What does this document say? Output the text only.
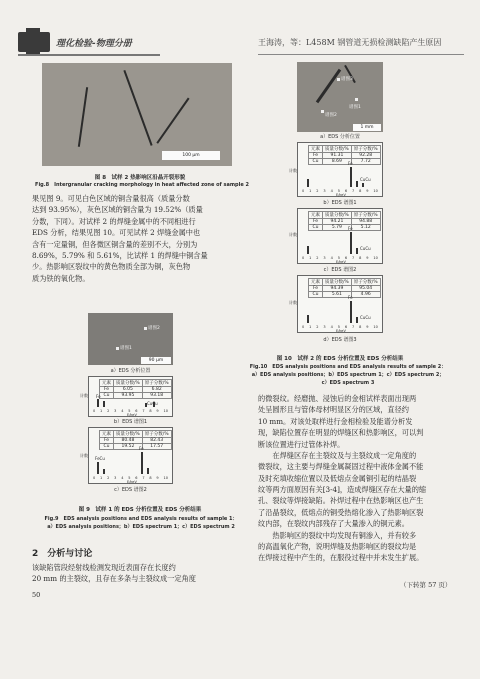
理化检验-物理分册	王海涛，等：L458M 钢管道无损检测缺陷产生原因
100 μm
图 8　试样 2 热影响区沿晶开裂形貌
Fig.8　Intergranular cracking morphology in heat affected zone of sample 2
果见图 9。可见白色区域的铜含量很高（质量分数
达到 93.95%），灰色区域的铜含量为 19.52%（质量
分数，下同）。对试样 2 的焊缝金属中的不同相进行
EDS 分析，结果见图 10。可见试样 2 焊缝金属中也
含有一定量铜，但各微区铜含量的差别不大，分别为
8.69%，5.79% 和 5.61%，比试样 1 的焊缝中铜含量
少。热影响区裂纹中的黄色物质全部为铜，灰色物
质为铁的氧化物。
谱图2
谱图1
90 μm
a）EDS 分析位置
元素	质量分数/%	原子分数/%
Fe	6.05	6.82
Cu	93.95	93.18
Fe
CuCu
0 1 2 3 4 5 6 7 8 9 10
E/keV
计数
b）EDS 谱图1
元素	质量分数/%	原子分数/%
Fe	80.48	82.43
Cu	19.52	17.57
Fe
FeCu
0 1 2 3 4 5 6 7 8 9 10
E/keV
计数
c）EDS 谱图2
图 9　试样 1 的 EDS 分析位置及 EDS 分析结果
Fig.9　EDS analysis positions and EDS analysis results of sample 1：
a）EDS analysis positions；b）EDS spectrum 1；c）EDS spectrum 2
2　分析与讨论
该缺陷管段经射线检测发现近表面存在长度约
20 mm 的主裂纹，且存在多条与主裂纹成一定角度
50
谱图3
谱图1
谱图2
1 mm
a）EDS 分析位置
元素	质量分数/%	原子分数/%
Fe	91.31	92.28
Cu	8.69	7.72
Fe
CuCu
0 1 2 3 4 5 6 7 8 9 10
E/keV
计数
b）EDS 谱图1
元素	质量分数/%	原子分数/%
Fe	94.21	94.88
Cu	5.79	5.12
Fe
CuCu
0 1 2 3 4 5 6 7 8 9 10
E/keV
计数
c）EDS 谱图2
元素	质量分数/%	原子分数/%
Fe	94.39	95.04
Cu	5.61	4.96
Fe
CuCu
0 1 2 3 4 5 6 7 8 9 10
E/keV
计数
d）EDS 谱图3
图 10　试样 2 的 EDS 分析位置及 EDS 分析结果
Fig.10　EDS analysis positions and EDS analysis results of sample 2：
a）EDS analysis positions；b）EDS spectrum 1；c）EDS spectrum 2；
c）EDS spectrum 3
的微裂纹。经磨抛、浸蚀后的金相试样表面出现两
处呈圆形且与管体母材明显区分的区域，直径约
10 mm。对该处取样进行金相检验及能谱分析发
现，缺陷位置存在明显的焊缝区和热影响区，可以判
断该位置进行过管体补焊。
　　在焊缝区存在主裂纹及与主裂纹成一定角度的
微裂纹，这主要与焊缝金属凝固过程中液体金属不能
及时充填收缩位置以及低熔点金属铜引起的结晶裂
纹等两方面原因有关[3-4]，造成焊缝区存在大量的缩
孔、裂纹等焊接缺陷。补焊过程中在热影响区也产生
了沿晶裂纹，低熔点的铜受热熔化渗入了热影响区裂
纹内部，在裂纹内部残存了大量渗入的铜元素。
　　热影响区的裂纹中均发现有铜渗入，并有较多
的高温氧化产物，说明焊缝及热影响区的裂纹均是
在焊接过程中产生的，在服役过程中并未发生扩展。
（下转第 57 页）
